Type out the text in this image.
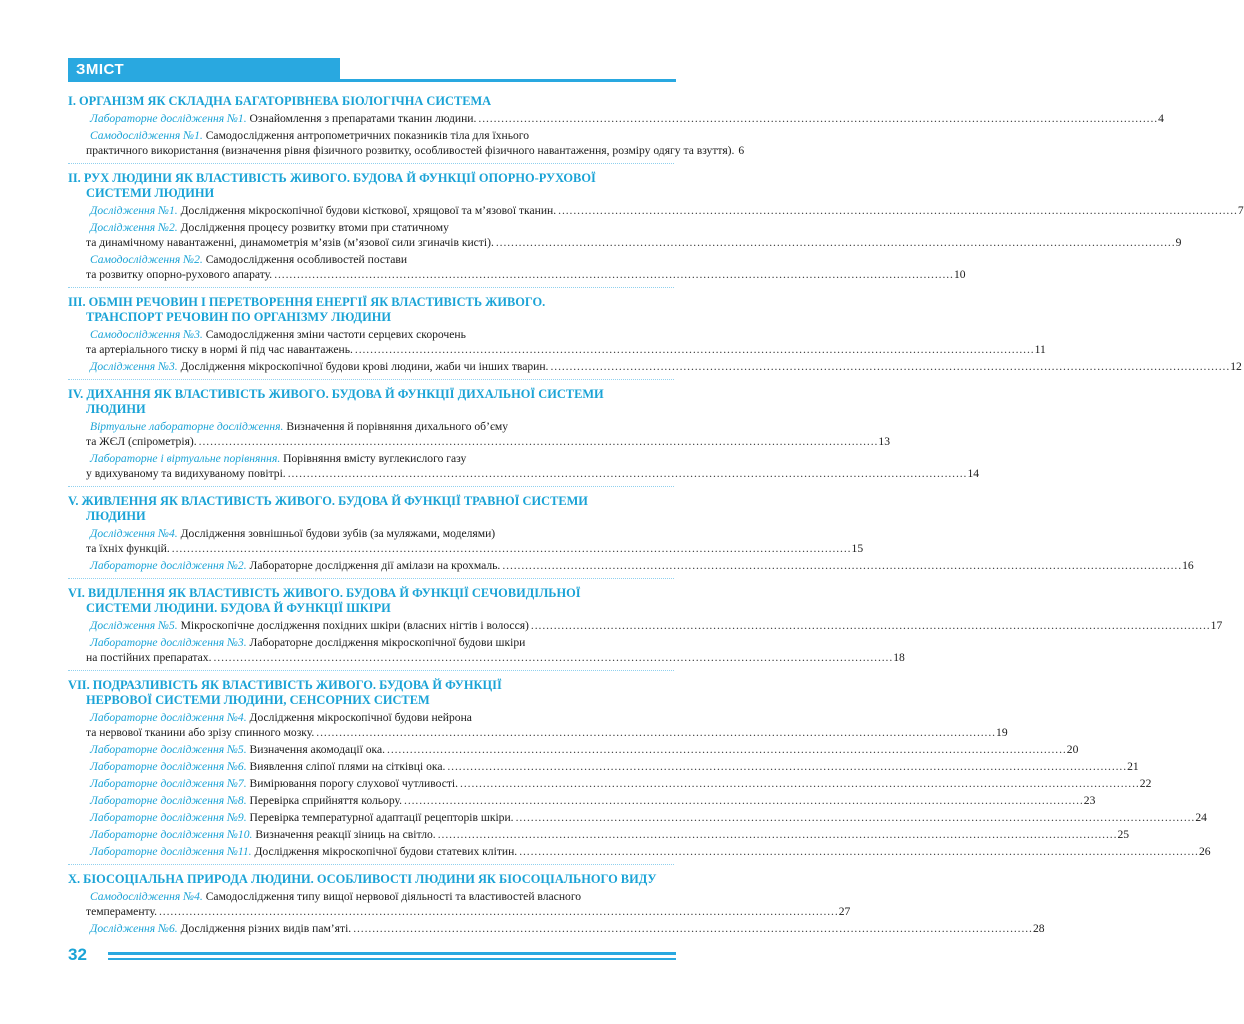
ЗМІСТ
I. ОРГАНІЗМ ЯК СКЛАДНА БАГАТОРІВНЕВА БІОЛОГІЧНА СИСТЕМА
Лабораторне дослідження №1. Ознайомлення з препаратами тканин людини. . . .	4
Самодослідження №1. Самодослідження антропометричних показників тіла для їхнього
практичного використання (визначення рівня фізичного розвитку, особливостей фізичного навантаження, розміру одягу та взуття). 6
II. РУХ ЛЮДИНИ ЯК ВЛАСТИВІСТЬ ЖИВОГО. БУДОВА Й ФУНКЦІЇ ОПОРНО-РУХОВОЇ
СИСТЕМИ ЛЮДИНИ
Дослідження №1. Дослідження мікроскопічної будови кісткової, хрящової та м’язової тканин. . . .	7
Дослідження №2. Дослідження процесу розвитку втоми при статичному
та динамічному навантаженні, динамометрія м’язів (м’язової сили згиначів кисті). . . .	9
Самодослідження №2. Самодослідження особливостей постави
та розвитку опорно-рухового апарату. . . .	10
III. ОБМІН РЕЧОВИН І ПЕРЕТВОРЕННЯ ЕНЕРГІЇ ЯК ВЛАСТИВІСТЬ ЖИВОГО.
ТРАНСПОРТ РЕЧОВИН ПО ОРГАНІЗМУ ЛЮДИНИ
Самодослідження №3. Самодослідження зміни частоти серцевих скорочень
та артеріального тиску в нормі й під час навантажень. . . .	11
Дослідження №3. Дослідження мікроскопічної будови крові людини, жаби чи інших тварин. . . .	12
IV. ДИХАННЯ ЯК ВЛАСТИВІСТЬ ЖИВОГО. БУДОВА Й ФУНКЦІЇ ДИХАЛЬНОЇ СИСТЕМИ
ЛЮДИНИ
Віртуальне лабораторне дослідження. Визначення й порівняння дихального об’єму
та ЖЄЛ (спірометрія). . . .	13
Лабораторне і віртуальне порівняння. Порівняння вмісту вуглекислого газу
у вдихуваному та видихуваному повітрі. . . .	14
V. ЖИВЛЕННЯ ЯК ВЛАСТИВІСТЬ ЖИВОГО. БУДОВА Й ФУНКЦІЇ ТРАВНОЇ СИСТЕМИ
ЛЮДИНИ
Дослідження №4. Дослідження зовнішньої будови зубів (за муляжами, моделями)
та їхніх функцій. . . .	15
Лабораторне дослідження №2. Лабораторне дослідження дії амілази на крохмаль. . . .	16
VI. ВИДІЛЕННЯ ЯК ВЛАСТИВІСТЬ ЖИВОГО. БУДОВА Й ФУНКЦІЇ СЕЧОВИДІЛЬНОЇ
СИСТЕМИ ЛЮДИНИ. БУДОВА Й ФУНКЦІЇ ШКІРИ
Дослідження №5. Мікроскопічне дослідження похідних шкіри (власних нігтів і волосся) . . .	17
Лабораторне дослідження №3. Лабораторне дослідження мікроскопічної будови шкіри
на постійних препаратах. . . .	18
VII. ПОДРАЗЛИВІСТЬ ЯК ВЛАСТИВІСТЬ ЖИВОГО. БУДОВА Й ФУНКЦІЇ
НЕРВОВОЇ СИСТЕМИ ЛЮДИНИ, СЕНСОРНИХ СИСТЕМ
Лабораторне дослідження №4. Дослідження мікроскопічної будови нейрона
та нервової тканини або зрізу спинного мозку. . . .	19
Лабораторне дослідження №5. Визначення акомодації ока. . . .	20
Лабораторне дослідження №6. Виявлення сліпої плями на сітківці ока. . . .	21
Лабораторне дослідження №7. Вимірювання порогу слухової чутливості. . . .	22
Лабораторне дослідження №8. Перевірка сприйняття кольору. . . .	23
Лабораторне дослідження №9. Перевірка температурної адаптації рецепторів шкіри. . . .	24
Лабораторне дослідження №10. Визначення реакції зіниць на світло. . . .	25
Лабораторне дослідження №11. Дослідження мікроскопічної будови статевих клітин. . . .	26
X. БІОСОЦІАЛЬНА ПРИРОДА ЛЮДИНИ. ОСОБЛИВОСТІ ЛЮДИНИ ЯК БІОСОЦІАЛЬНОГО ВИДУ
Самодослідження №4. Самодослідження типу вищої нервової діяльності та властивостей власного
темпераменту. . . .	27
Дослідження №6. Дослідження різних видів пам’яті. . . .	28
32
